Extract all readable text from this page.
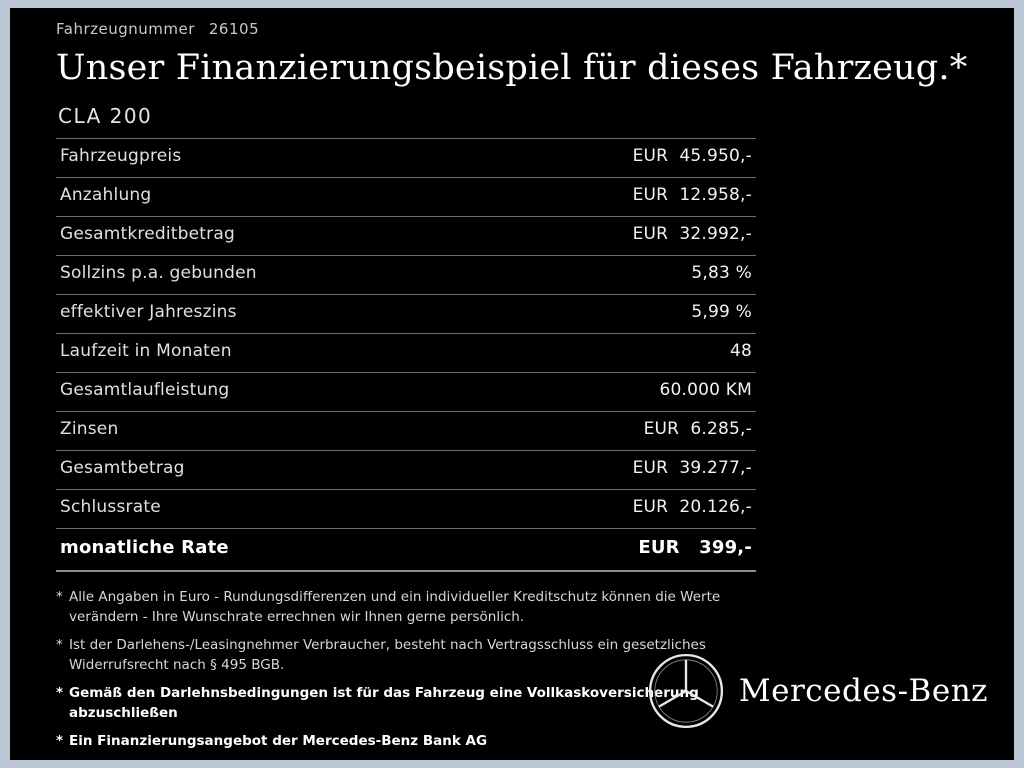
Fahrzeugnummer 26105
Unser Finanzierungsbeispiel für dieses Fahrzeug.*
CLA 200
Fahrzeugpreis	EUR  45.950,-
Anzahlung	EUR  12.958,-
Gesamtkreditbetrag	EUR  32.992,-
Sollzins p.a. gebunden	5,83 %
effektiver Jahreszins	5,99 %
Laufzeit in Monaten	48
Gesamtlaufleistung	60.000 KM
Zinsen	EUR  6.285,-
Gesamtbetrag	EUR  39.277,-
Schlussrate	EUR  20.126,-
monatliche Rate	EUR   399,-
* Alle Angaben in Euro - Rundungsdifferenzen und ein individueller Kreditschutz können die Werte verändern - Ihre Wunschrate errechnen wir Ihnen gerne persönlich.
* Ist der Darlehens-/Leasingnehmer Verbraucher, besteht nach Vertragsschluss ein gesetzliches Widerrufsrecht nach § 495 BGB.
* Gemäß den Darlehnsbedingungen ist für das Fahrzeug eine Vollkaskoversicherung abzuschließen
* Ein Finanzierungsangebot der Mercedes-Benz Bank AG
Mercedes-Benz
